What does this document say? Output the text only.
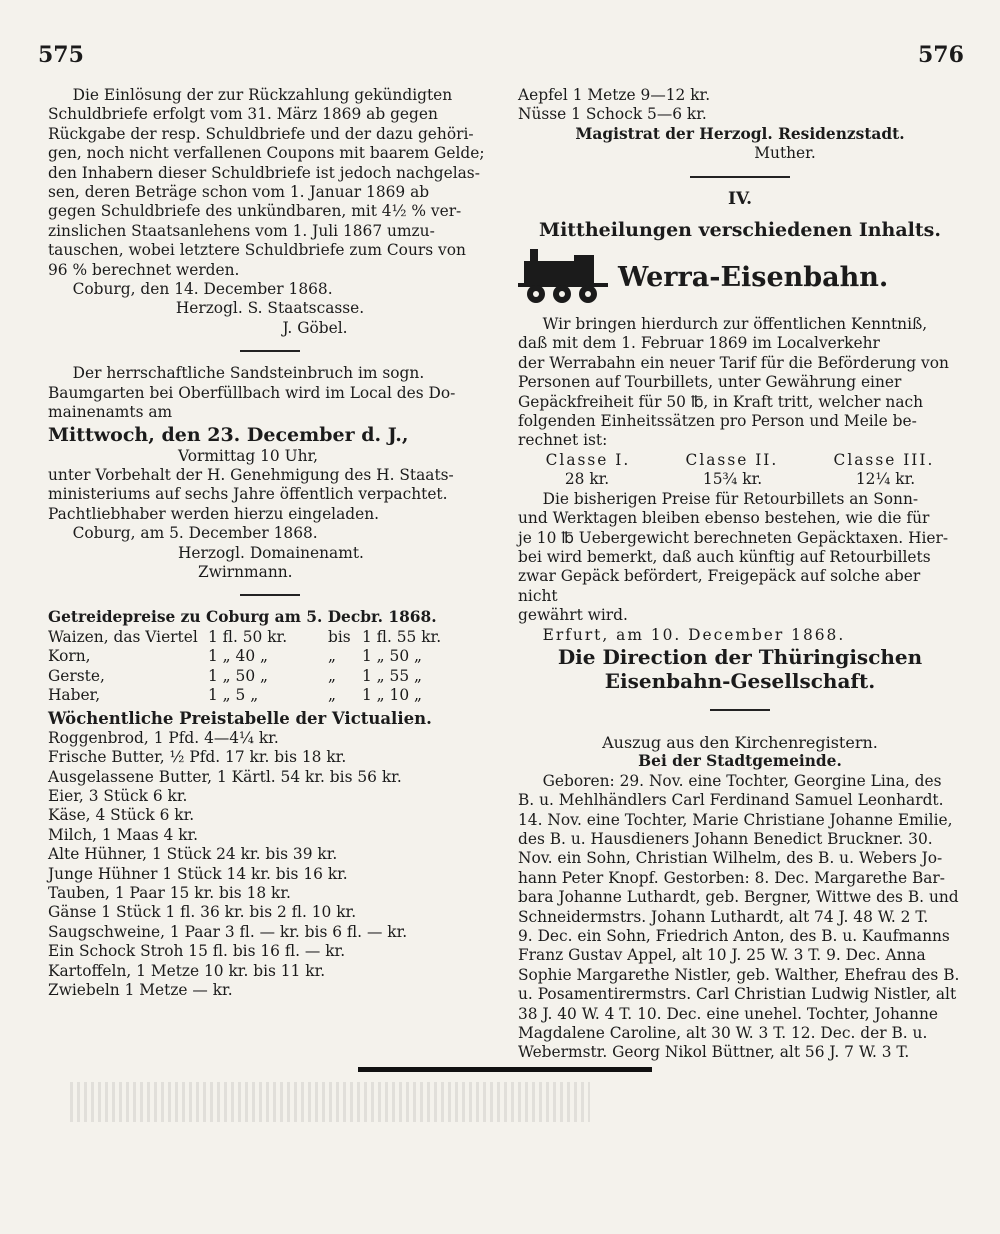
575	576

Die Einlösung der zur Rückzahlung gekündigten

Schuldbriefe erfolgt vom 31. März 1869 ab gegen

Rückgabe der resp. Schuldbriefe und der dazu gehöri-

gen, noch nicht verfallenen Coupons mit baarem Gelde;

den Inhabern dieser Schuldbriefe ist jedoch nachgelas-

sen, deren Beträge schon vom 1. Januar 1869 ab

gegen Schuldbriefe des unkündbaren, mit 4½ % ver-

zinslichen Staatsanlehens vom 1. Juli 1867 umzu-

tauschen, wobei letztere Schuldbriefe zum Cours von

96 % berechnet werden.

Coburg, den 14. December 1868.

Herzogl. S. Staatscasse.

J. Göbel.

Der herrschaftliche Sandsteinbruch im sogn.

Baumgarten bei Oberfüllbach wird im Local des Do-

mainenamts am

Mittwoch, den 23. December d. J.,

Vormittag 10 Uhr,

unter Vorbehalt der H. Genehmigung des H. Staats-

ministeriums auf sechs Jahre öffentlich verpachtet.

Pachtliebhaber werden hierzu eingeladen.

Coburg, am 5. December 1868.

Herzogl. Domainenamt.

Zwirnmann.

Getreidepreise zu Coburg am 5. Decbr. 1868.

Waizen, das Viertel 1 fl. 50 kr.	bis 1 fl. 55 kr.
Korn,	1 „ 40 „	„	1 „ 50 „
Gerste,	1 „ 50 „	„	1 „ 55 „
Haber,	1 „ 5 „	„	1 „ 10 „

Wöchentliche Preistabelle der Victualien.

Roggenbrod, 1 Pfd. 4—4¼ kr.

Frische Butter, ½ Pfd. 17 kr. bis 18 kr.

Ausgelassene Butter, 1 Kärtl. 54 kr. bis 56 kr.

Eier, 3 Stück 6 kr.

Käse, 4 Stück 6 kr.

Milch, 1 Maas 4 kr.

Alte Hühner, 1 Stück 24 kr. bis 39 kr.

Junge Hühner 1 Stück 14 kr. bis 16 kr.

Tauben, 1 Paar 15 kr. bis 18 kr.

Gänse 1 Stück 1 fl. 36 kr. bis 2 fl. 10 kr.

Saugschweine, 1 Paar 3 fl. — kr. bis 6 fl. — kr.

Ein Schock Stroh 15 fl. bis 16 fl. — kr.

Kartoffeln, 1 Metze 10 kr. bis 11 kr.

Zwiebeln 1 Metze — kr.

Aepfel 1 Metze 9—12 kr.

Nüsse 1 Schock 5—6 kr.

Magistrat der Herzogl. Residenzstadt.

Muther.

IV.

Mittheilungen verschiedenen Inhalts.

Werra-Eisenbahn.

Wir bringen hierdurch zur öffentlichen Kenntniß,

daß mit dem 1. Februar 1869 im Localverkehr

der Werrabahn ein neuer Tarif für die Beförderung von

Personen auf Tourbillets, unter Gewährung einer

Gepäckfreiheit für 50 ℔, in Kraft tritt, welcher nach

folgenden Einheitssätzen pro Person und Meile be-

rechnet ist:

Classe I.	Classe II.	Classe III.
28 kr.	15¾ kr.	12¼ kr.

Die bisherigen Preise für Retourbillets an Sonn-

und Werktagen bleiben ebenso bestehen, wie die für

je 10 ℔ Uebergewicht berechneten Gepäcktaxen. Hier-

bei wird bemerkt, daß auch künftig auf Retourbillets

zwar Gepäck befördert, Freigepäck auf solche aber nicht

gewährt wird.

Erfurt, am 10. December 1868.

Die Direction der Thüringischen

Eisenbahn-Gesellschaft.

Auszug aus den Kirchenregistern.

Bei der Stadtgemeinde.

Geboren: 29. Nov. eine Tochter, Georgine Lina, des

B. u. Mehlhändlers Carl Ferdinand Samuel Leonhardt.

14. Nov. eine Tochter, Marie Christiane Johanne Emilie,

des B. u. Hausdieners Johann Benedict Bruckner. 30.

Nov. ein Sohn, Christian Wilhelm, des B. u. Webers Jo-

hann Peter Knopf. Gestorben: 8. Dec. Margarethe Bar-

bara Johanne Luthardt, geb. Bergner, Wittwe des B. und

Schneidermstrs. Johann Luthardt, alt 74 J. 48 W. 2 T.

9. Dec. ein Sohn, Friedrich Anton, des B. u. Kaufmanns

Franz Gustav Appel, alt 10 J. 25 W. 3 T. 9. Dec. Anna

Sophie Margarethe Nistler, geb. Walther, Ehefrau des B.

u. Posamentirermstrs. Carl Christian Ludwig Nistler, alt

38 J. 40 W. 4 T. 10. Dec. eine unehel. Tochter, Johanne

Magdalene Caroline, alt 30 W. 3 T. 12. Dec. der B. u.

Webermstr. Georg Nikol Büttner, alt 56 J. 7 W. 3 T.
